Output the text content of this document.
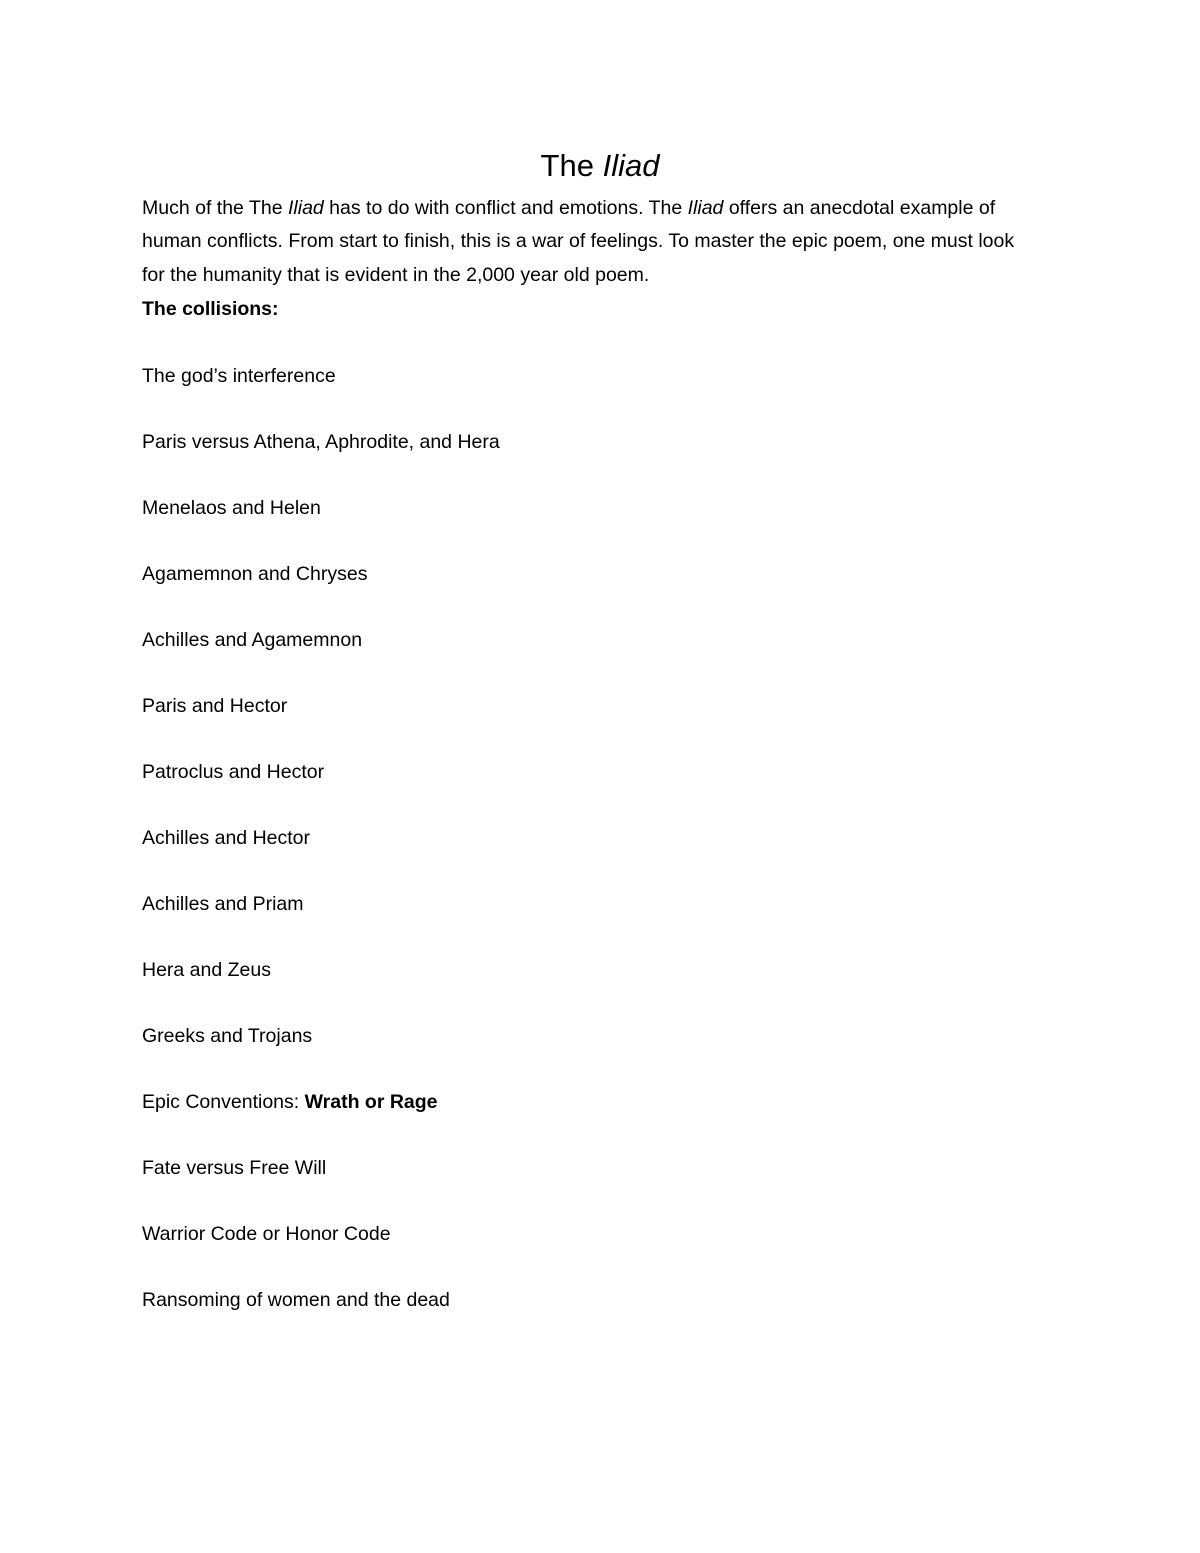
The Iliad
Much of the The Iliad has to do with conflict and emotions. The Iliad offers an anecdotal example of human conflicts. From start to finish, this is a war of feelings. To master the epic poem, one must look for the humanity that is evident in the 2,000 year old poem.
The collisions:
The god’s interference
Paris versus Athena, Aphrodite, and Hera
Menelaos and Helen
Agamemnon and Chryses
Achilles and Agamemnon
Paris and Hector
Patroclus and Hector
Achilles and Hector
Achilles and Priam
Hera and Zeus
Greeks and Trojans
Epic Conventions: Wrath or Rage
Fate versus Free Will
Warrior Code or Honor Code
Ransoming of women and the dead
